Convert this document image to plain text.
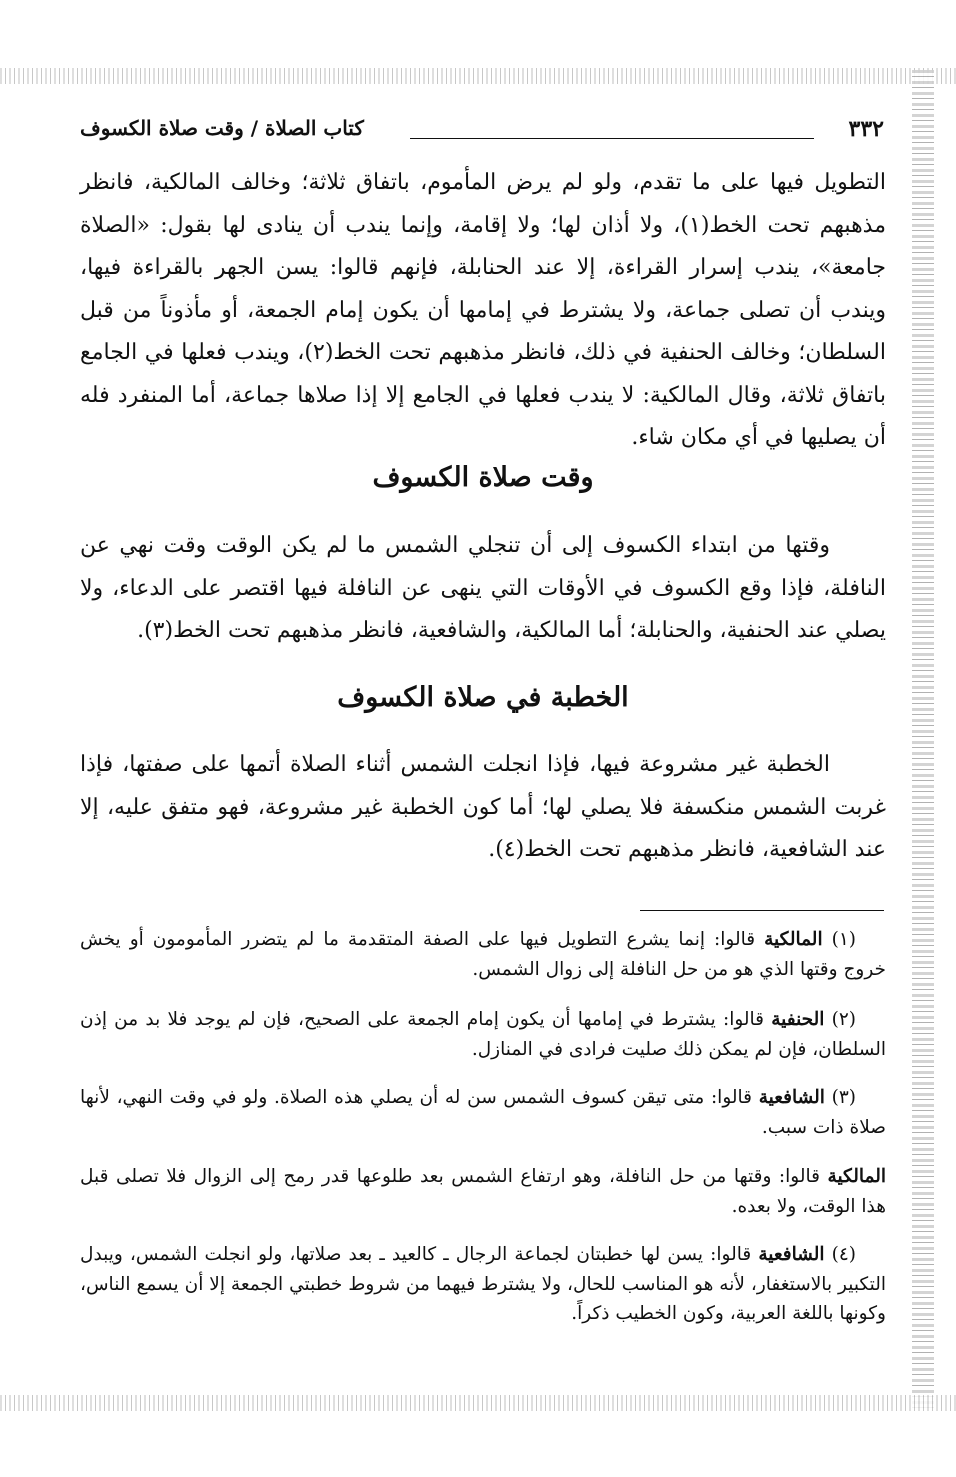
٣٣٢
كتاب الصلاة / وقت صلاة الكسوف
التطويل فيها على ما تقدم، ولو لم يرض المأموم، باتفاق ثلاثة؛ وخالف المالكية، فانظر مذهبهم تحت الخط(١)، ولا أذان لها؛ ولا إقامة، وإنما يندب أن ينادى لها بقول: «الصلاة جامعة»، يندب إسرار القراءة، إلا عند الحنابلة، فإنهم قالوا: يسن الجهر بالقراءة فيها، ويندب أن تصلى جماعة، ولا يشترط في إمامها أن يكون إمام الجمعة، أو مأذوناً من قبل السلطان؛ وخالف الحنفية في ذلك، فانظر مذهبهم تحت الخط(٢)، ويندب فعلها في الجامع باتفاق ثلاثة، وقال المالكية: لا يندب فعلها في الجامع إلا إذا صلاها جماعة، أما المنفرد فله أن يصليها في أي مكان شاء.
وقت صلاة الكسوف
وقتها من ابتداء الكسوف إلى أن تنجلي الشمس ما لم يكن الوقت وقت نهي عن النافلة، فإذا وقع الكسوف في الأوقات التي ينهى عن النافلة فيها اقتصر على الدعاء، ولا يصلي عند الحنفية، والحنابلة؛ أما المالكية، والشافعية، فانظر مذهبهم تحت الخط(٣).
الخطبة في صلاة الكسوف
الخطبة غير مشروعة فيها، فإذا انجلت الشمس أثناء الصلاة أتمها على صفتها، فإذا غربت الشمس منكسفة فلا يصلي لها؛ أما كون الخطبة غير مشروعة، فهو متفق عليه، إلا عند الشافعية، فانظر مذهبهم تحت الخط(٤).
(١) المالكية قالوا: إنما يشرع التطويل فيها على الصفة المتقدمة ما لم يتضرر المأمومون أو يخش خروج وقتها الذي هو من حل النافلة إلى زوال الشمس.
(٢) الحنفية قالوا: يشترط في إمامها أن يكون إمام الجمعة على الصحيح، فإن لم يوجد فلا بد من إذن السلطان، فإن لم يمكن ذلك صليت فرادى في المنازل.
(٣) الشافعية قالوا: متى تيقن كسوف الشمس سن له أن يصلي هذه الصلاة. ولو في وقت النهي، لأنها صلاة ذات سبب.
المالكية قالوا: وقتها من حل النافلة، وهو ارتفاع الشمس بعد طلوعها قدر رمح إلى الزوال فلا تصلى قبل هذا الوقت، ولا بعده.
(٤) الشافعية قالوا: يسن لها خطبتان لجماعة الرجال ـ كالعيد ـ بعد صلاتها، ولو انجلت الشمس، ويبدل التكبير بالاستغفار، لأنه هو المناسب للحال، ولا يشترط فيهما من شروط خطبتي الجمعة إلا أن يسمع الناس، وكونها باللغة العربية، وكون الخطيب ذكراً.
